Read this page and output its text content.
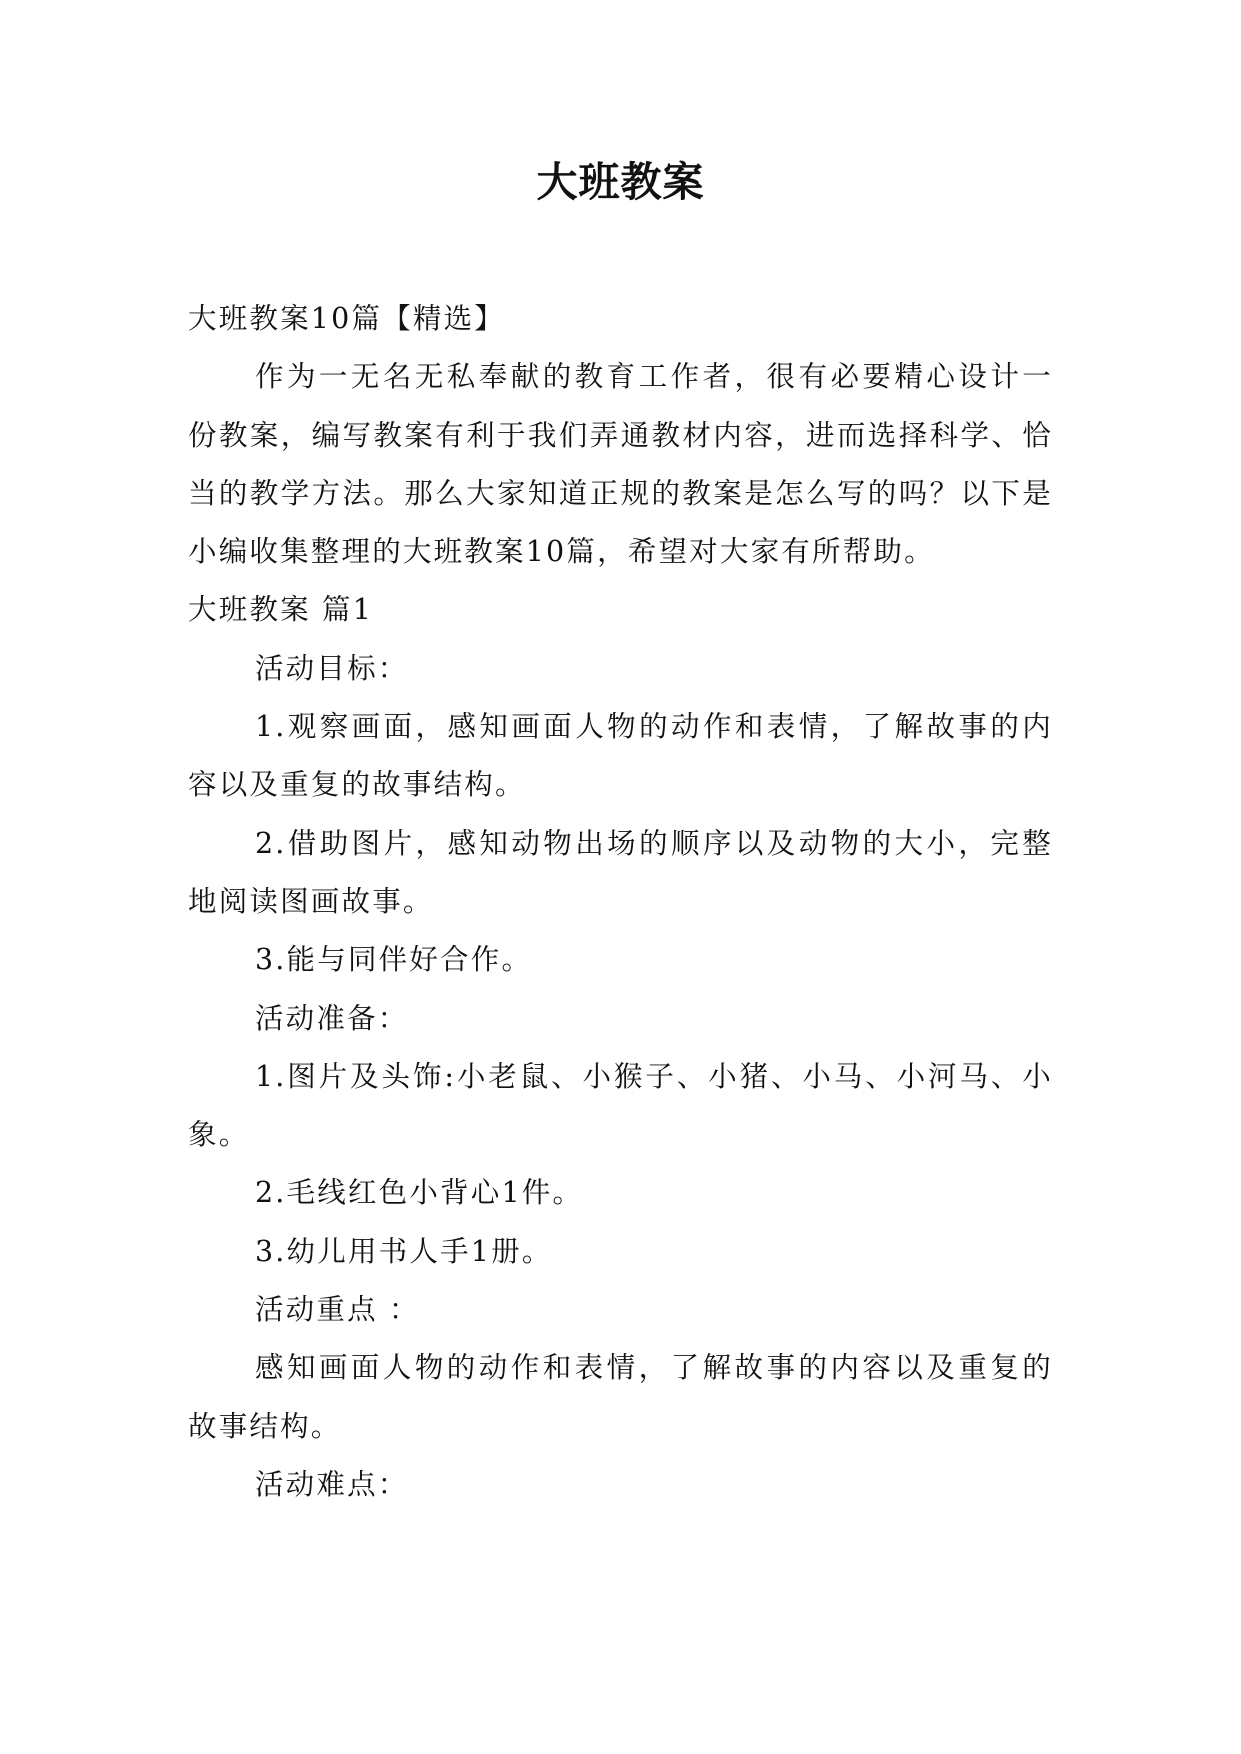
大班教案

大班教案10篇【精选】

作为一无名无私奉献的教育工作者，很有必要精心设计一份教案，编写教案有利于我们弄通教材内容，进而选择科学、恰当的教学方法。那么大家知道正规的教案是怎么写的吗？以下是小编收集整理的大班教案10篇，希望对大家有所帮助。

大班教案 篇1

活动目标：

1.观察画面，感知画面人物的动作和表情，了解故事的内容以及重复的故事结构。

2.借助图片，感知动物出场的顺序以及动物的大小，完整地阅读图画故事。

3.能与同伴好合作。

活动准备：

1.图片及头饰:小老鼠、小猴子、小猪、小马、小河马、小象。

2.毛线红色小背心1件。

3.幼儿用书人手1册。

活动重点 ：

感知画面人物的动作和表情，了解故事的内容以及重复的故事结构。

活动难点：
